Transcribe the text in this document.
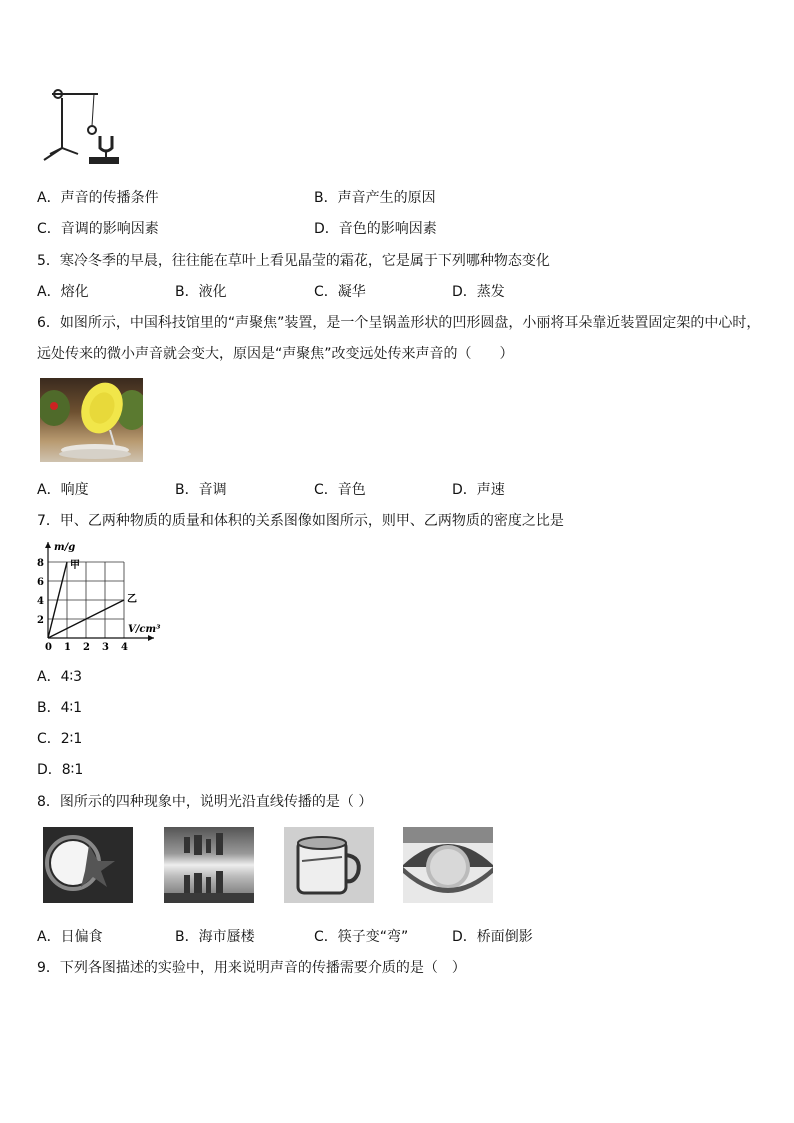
A．声音的传播条件	B．声音产生的原因
C．音调的影响因素	D．音色的影响因素
5．寒冷冬季的早晨，往往能在草叶上看见晶莹的霜花，它是属于下列哪种物态变化
A．熔化	B．液化	C．凝华	D．蒸发
6．如图所示，中国科技馆里的“声聚焦”装置，是一个呈锅盖形状的凹形圆盘，小丽将耳朵靠近装置固定架的中心时，
远处传来的微小声音就会变大，原因是“声聚焦”改变远处传来声音的（　　）
A．响度	B．音调	C．音色	D．声速
7．甲、乙两种物质的质量和体积的关系图像如图所示，则甲、乙两物质的密度之比是
0 1 2 3 4
2
4
6
8
m/g
V/cm³
甲
乙
A．4∶3
B．4∶1
C．2∶1
D．8∶1
8．图所示的四种现象中，说明光沿直线传播的是（ ）
A．日偏食	B．海市蜃楼	C．筷子变“弯”	D．桥面倒影
9．下列各图描述的实验中，用来说明声音的传播需要介质的是（　）
